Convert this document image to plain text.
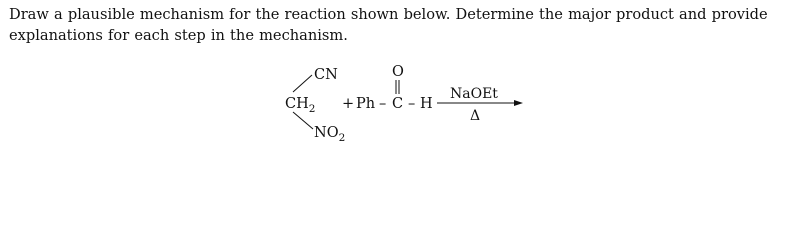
Draw a plausible mechanism for the reaction shown below. Determine the major product and provide explanations for each step in the mechanism.

CN
$CH_2$
$NO_2$
+ Ph – C – H
O
NaOEt
Δ
